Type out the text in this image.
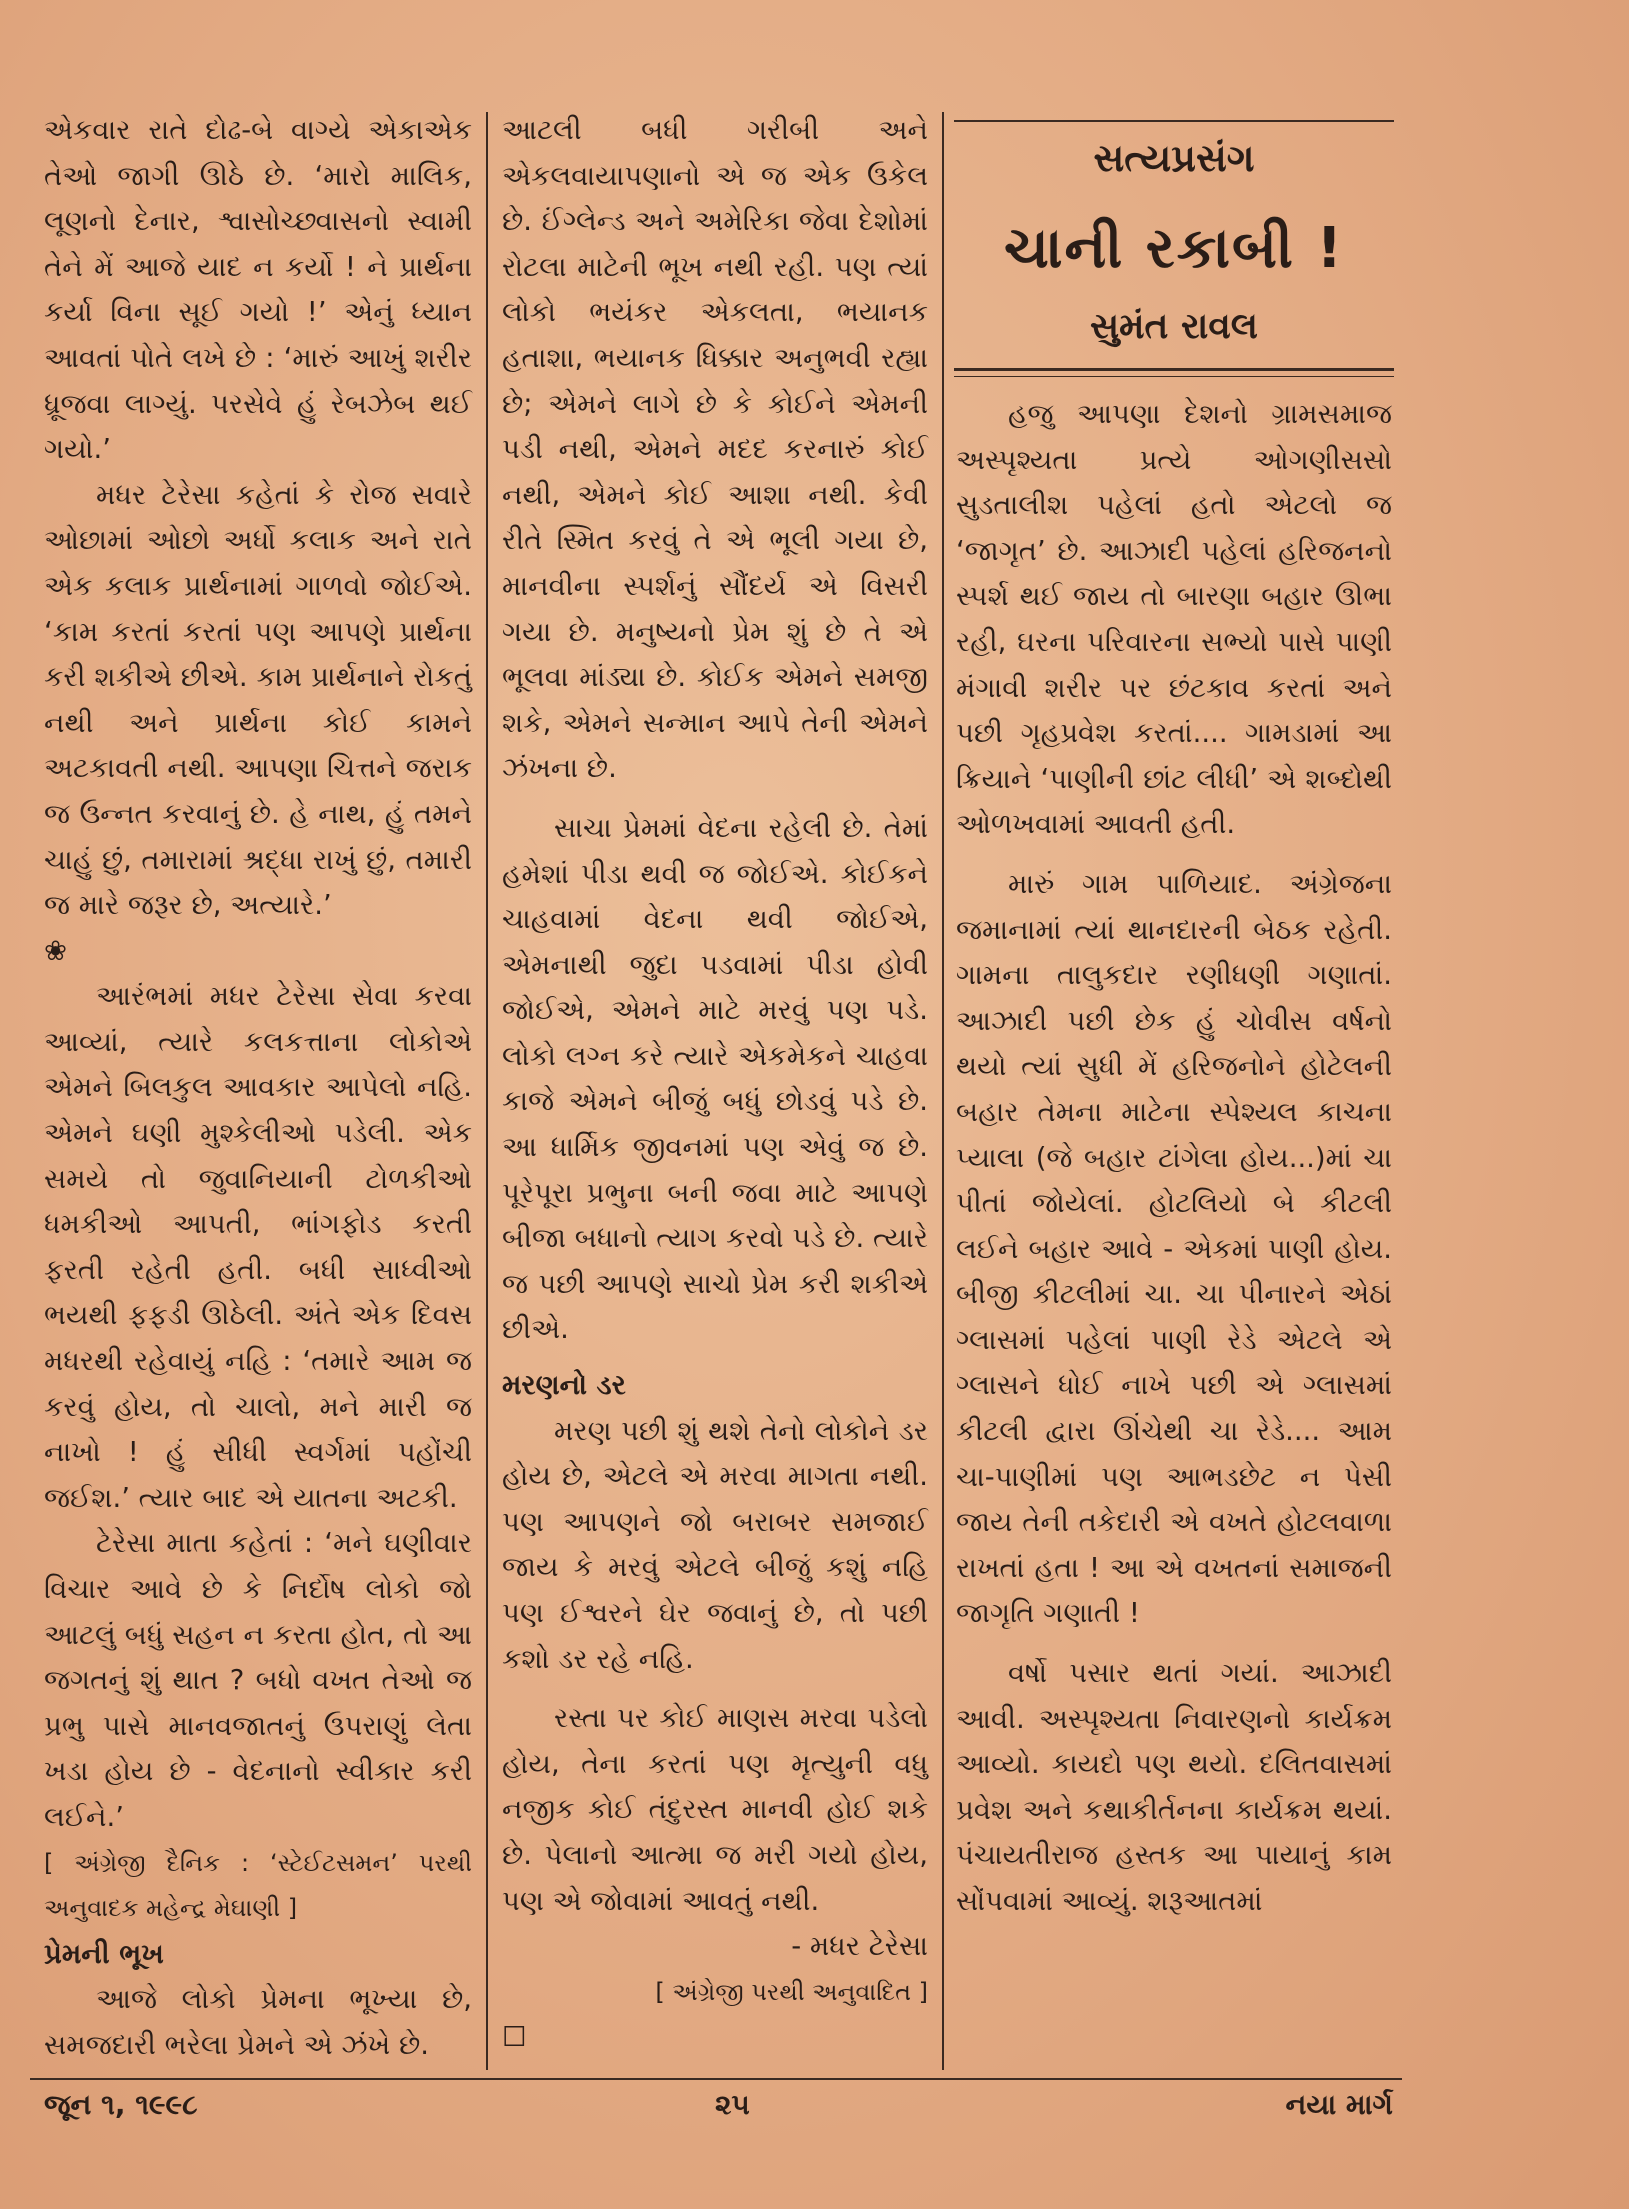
એકવાર રાતે દોઢ-બે વાગ્યે એકાએક તેઓ જાગી ઊઠે છે. ‘મારો માલિક, લૂણનો દેનાર, શ્વાસોચ્છ્વાસનો સ્વામી તેને મેં આજે યાદ ન કર્યો ! ને પ્રાર્થના કર્યા વિના સૂઈ ગયો !’ એનું ધ્યાન આવતાં પોતે લખે છે : ‘મારું આખું શરીર ધ્રૂજવા લાગ્યું. પરસેવે હું રેબઝેબ થઈ ગયો.’

મધર ટેરેસા કહેતાં કે રોજ સવારે ઓછામાં ઓછો અર્ધો કલાક અને રાતે એક કલાક પ્રાર્થનામાં ગાળવો જોઈએ. ‘કામ કરતાં કરતાં પણ આપણે પ્રાર્થના કરી શકીએ છીએ. કામ પ્રાર્થનાને રોકતું નથી અને પ્રાર્થના કોઈ કામને અટકાવતી નથી. આપણા ચિત્તને જરાક જ ઉન્નત કરવાનું છે. હે નાથ, હું તમને ચાહું છું, તમારામાં શ્રદ્ધા રાખું છું, તમારી જ મારે જરૂર છે, અત્યારે.’

❀

આરંભમાં મધર ટેરેસા સેવા કરવા આવ્યાં, ત્યારે કલકત્તાના લોકોએ એમને બિલકુલ આવકાર આપેલો નહિ. એમને ઘણી મુશ્કેલીઓ પડેલી. એક સમયે તો જુવાનિયાની ટોળકીઓ ધમકીઓ આપતી, ભાંગફોડ કરતી ફરતી રહેતી હતી. બધી સાધ્વીઓ ભયથી ફફડી ઊઠેલી. અંતે એક દિવસ મધરથી રહેવાયું નહિ : ‘તમારે આમ જ કરવું હોય, તો ચાલો, મને મારી જ નાખો ! હું સીધી સ્વર્ગમાં પહોંચી જઈશ.’ ત્યાર બાદ એ યાતના અટકી.

ટેરેસા માતા કહેતાં : ‘મને ઘણીવાર વિચાર આવે છે કે નિર્દોષ લોકો જો આટલું બધું સહન ન કરતા હોત, તો આ જગતનું શું થાત ? બધો વખત તેઓ જ પ્રભુ પાસે માનવજાતનું ઉપરાણું લેતા ખડા હોય છે - વેદનાનો સ્વીકાર કરી લઈને.’

[ અંગ્રેજી દૈનિક : ‘સ્ટેઈટસમન’ પરથી અનુવાદક મહેન્દ્ર મેઘાણી ]

પ્રેમની ભૂખ

આજે લોકો પ્રેમના ભૂખ્યા છે, સમજદારી ભરેલા પ્રેમને એ ઝંખે છે.

આટલી બધી ગરીબી અને એકલવાયાપણાનો એ જ એક ઉકેલ છે. ઈંગ્લેન્ડ અને અમેરિકા જેવા દેશોમાં રોટલા માટેની ભૂખ નથી રહી. પણ ત્યાં લોકો ભયંકર એકલતા, ભયાનક હતાશા, ભયાનક ધિક્કાર અનુભવી રહ્યા છે; એમને લાગે છે કે કોઈને એમની પડી નથી, એમને મદદ કરનારું કોઈ નથી, એમને કોઈ આશા નથી. કેવી રીતે સ્મિત કરવું તે એ ભૂલી ગયા છે, માનવીના સ્પર્શનું સૌંદર્ય એ વિસરી ગયા છે. મનુષ્યનો પ્રેમ શું છે તે એ ભૂલવા માંડ્યા છે. કોઈક એમને સમજી શકે, એમને સન્માન આપે તેની એમને ઝંખના છે.

સાચા પ્રેમમાં વેદના રહેલી છે. તેમાં હમેશાં પીડા થવી જ જોઈએ. કોઈકને ચાહવામાં વેદના થવી જોઈએ, એમનાથી જુદા પડવામાં પીડા હોવી જોઈએ, એમને માટે મરવું પણ પડે. લોકો લગ્ન કરે ત્યારે એકમેકને ચાહવા કાજે એમને બીજું બધું છોડવું પડે છે. આ ધાર્મિક જીવનમાં પણ એવું જ છે. પૂરેપૂરા પ્રભુના બની જવા માટે આપણે બીજા બધાનો ત્યાગ કરવો પડે છે. ત્યારે જ પછી આપણે સાચો પ્રેમ કરી શકીએ છીએ.

મરણનો ડર

મરણ પછી શું થશે તેનો લોકોને ડર હોય છે, એટલે એ મરવા માગતા નથી. પણ આપણને જો બરાબર સમજાઈ જાય કે મરવું એટલે બીજું કશું નહિ પણ ઈશ્વરને ઘેર જવાનું છે, તો પછી કશો ડર રહે નહિ.

રસ્તા પર કોઈ માણસ મરવા પડેલો હોય, તેના કરતાં પણ મૃત્યુની વધુ નજીક કોઈ તંદુરસ્ત માનવી હોઈ શકે છે. પેલાનો આત્મા જ મરી ગયો હોય, પણ એ જોવામાં આવતું નથી.

- મધર ટેરેસા

[ અંગ્રેજી પરથી અનુવાદિત ]

☐

સત્યપ્રસંગ
ચાની રકાબી !
સુમંત રાવલ

હજુ આપણા દેશનો ગ્રામસમાજ અસ્પૃશ્યતા પ્રત્યે ઓગણીસસો સુડતાલીશ પહેલાં હતો એટલો જ ‘જાગૃત’ છે. આઝાદી પહેલાં હરિજનનો સ્પર્શ થઈ જાય તો બારણા બહાર ઊભા રહી, ઘરના પરિવારના સભ્યો પાસે પાણી મંગાવી શરીર પર છંટકાવ કરતાં અને પછી ગૃહપ્રવેશ કરતાં.... ગામડામાં આ ક્રિયાને ‘પાણીની છાંટ લીધી’ એ શબ્દોથી ઓળખવામાં આવતી હતી.

મારું ગામ પાળિયાદ. અંગ્રેજના જમાનામાં ત્યાં થાનદારની બેઠક રહેતી. ગામના તાલુકદાર રણીધણી ગણાતાં. આઝાદી પછી છેક હું ચોવીસ વર્ષનો થયો ત્યાં સુધી મેં હરિજનોને હોટેલની બહાર તેમના માટેના સ્પેશ્યલ કાચના પ્યાલા (જે બહાર ટાંગેલા હોય...)માં ચા પીતાં જોયેલાં. હોટલિયો બે કીટલી લઈને બહાર આવે - એકમાં પાણી હોય. બીજી કીટલીમાં ચા. ચા પીનારને એઠાં ગ્લાસમાં પહેલાં પાણી રેડે એટલે એ ગ્લાસને ધોઈ નાખે પછી એ ગ્લાસમાં કીટલી દ્વારા ઊંચેથી ચા રેડે.... આમ ચા-પાણીમાં પણ આભડછેટ ન પેસી જાય તેની તકેદારી એ વખતે હોટલવાળા રાખતાં હતા ! આ એ વખતનાં સમાજની જાગૃતિ ગણાતી !

વર્ષો પસાર થતાં ગયાં. આઝાદી આવી. અસ્પૃશ્યતા નિવારણનો કાર્યક્રમ આવ્યો. કાયદો પણ થયો. દલિતવાસમાં પ્રવેશ અને કથાકીર્તનના કાર્યક્રમ થયાં. પંચાયતીરાજ હસ્તક આ પાયાનું કામ સોંપવામાં આવ્યું. શરૂઆતમાં

જૂન ૧, ૧૯૯૮	૨૫	નયા માર્ગ
